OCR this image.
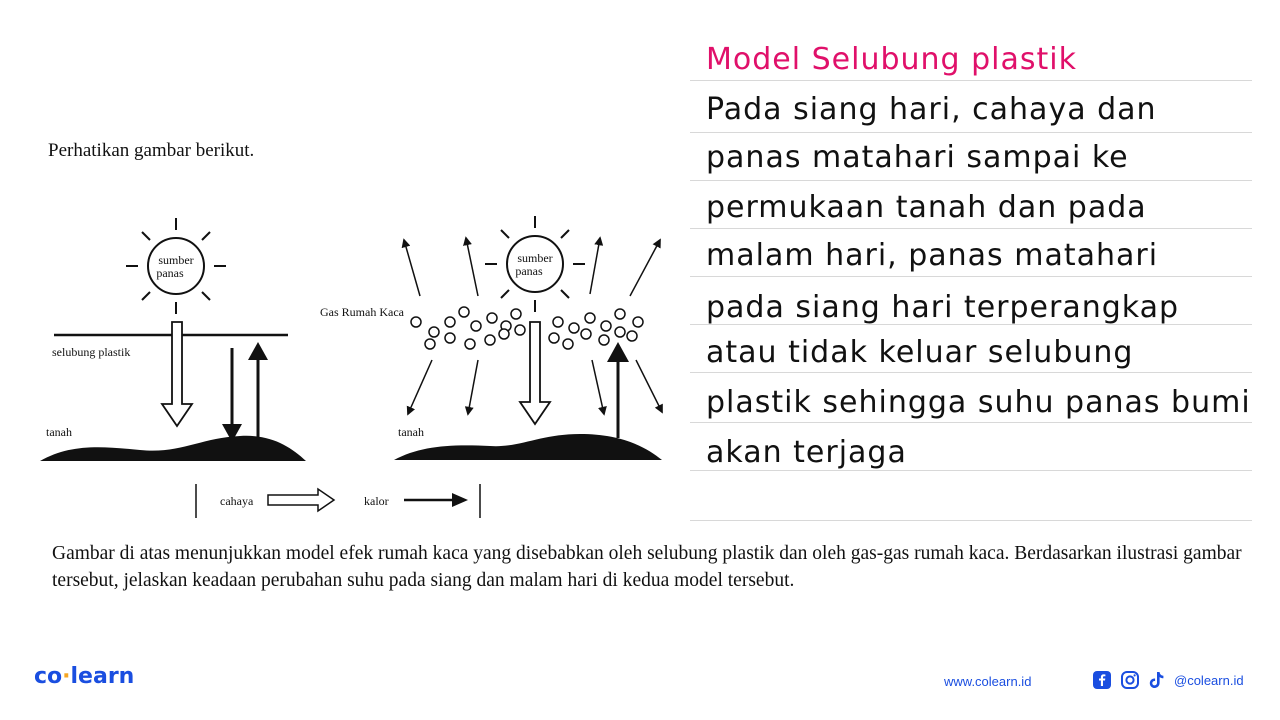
Perhatikan gambar berikut.
sumber
panas
selubung plastik
tanah
sumber
panas
Gas Rumah Kaca
tanah
cahaya	kalor
Model Selubung plastik
Pada siang hari, cahaya dan
panas matahari sampai ke
permukaan tanah dan pada
malam hari, panas matahari
pada siang hari terperangkap
atau tidak keluar selubung
plastik sehingga suhu panas bumi
akan terjaga
Gambar di atas menunjukkan model efek rumah kaca yang disebabkan oleh selubung plastik dan oleh gas-gas rumah kaca. Berdasarkan ilustrasi gambar tersebut, jelaskan keadaan perubahan suhu pada siang dan malam hari di kedua model tersebut.
co·learn	www.colearn.id	@colearn.id
